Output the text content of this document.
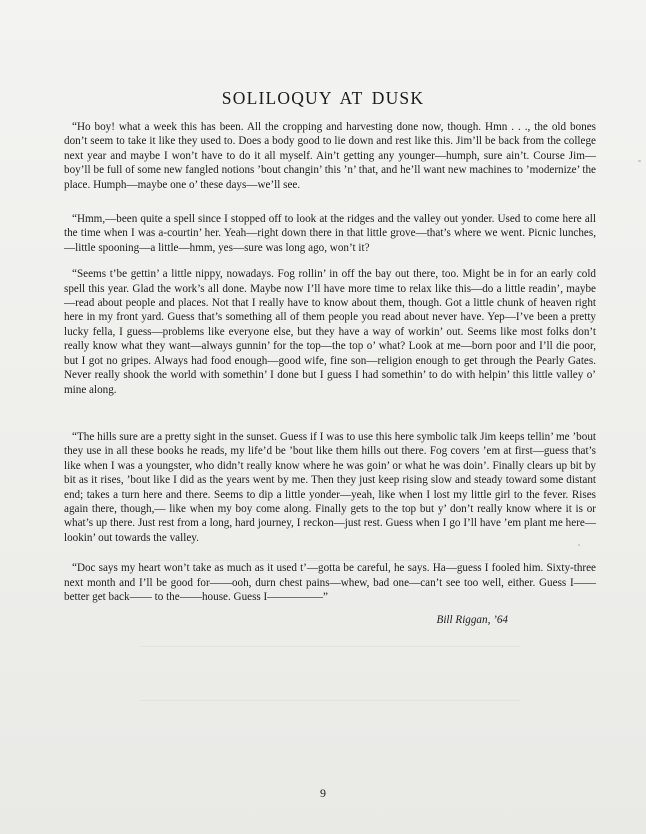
SOLILOQUY AT DUSK

“Ho boy! what a week this has been. All the cropping and harvesting done now, though. Hmn . . ., the old bones don’t seem to take it like they used to. Does a body good to lie down and rest like this. Jim’ll be back from the college next year and maybe I won’t have to do it all myself. Ain’t getting any younger—humph, sure ain’t. Course Jim—boy’ll be full of some new fangled notions ’bout changin’ this ’n’ that, and he’ll want new machines to ’modernize’ the place. Humph—maybe one o’ these days—we’ll see.

“Hmm,—been quite a spell since I stopped off to look at the ridges and the valley out yonder. Used to come here all the time when I was a-courtin’ her. Yeah—right down there in that little grove—that’s where we went. Picnic lunches, —little spooning—a little—hmm, yes—sure was long ago, won’t it?

“Seems t’be gettin’ a little nippy, nowadays. Fog rollin’ in off the bay out there, too. Might be in for an early cold spell this year. Glad the work’s all done. Maybe now I’ll have more time to relax like this—do a little readin’, maybe—read about people and places. Not that I really have to know about them, though. Got a little chunk of heaven right here in my front yard. Guess that’s something all of them people you read about never have. Yep—I’ve been a pretty lucky fella, I guess—problems like everyone else, but they have a way of workin’ out. Seems like most folks don’t really know what they want—always gunnin’ for the top—the top o’ what? Look at me—born poor and I’ll die poor, but I got no gripes. Always had food enough—good wife, fine son—religion enough to get through the Pearly Gates. Never really shook the world with somethin’ I done but I guess I had somethin’ to do with helpin’ this little valley o’ mine along.

“The hills sure are a pretty sight in the sunset. Guess if I was to use this here symbolic talk Jim keeps tellin’ me ’bout they use in all these books he reads, my life’d be ’bout like them hills out there. Fog covers ’em at first—guess that’s like when I was a youngster, who didn’t really know where he was goin’ or what he was doin’. Finally clears up bit by bit as it rises, ’bout like I did as the years went by me. Then they just keep rising slow and steady toward some distant end; takes a turn here and there. Seems to dip a little yonder—yeah, like when I lost my little girl to the fever. Rises again there, though,— like when my boy come along. Finally gets to the top but y’ don’t really know where it is or what’s up there. Just rest from a long, hard journey, I reckon—just rest. Guess when I go I’ll have ’em plant me here—lookin’ out towards the valley.

“Doc says my heart won’t take as much as it used t’—gotta be careful, he says. Ha—guess I fooled him. Sixty-three next month and I’ll be good for——ooh, durn chest pains—whew, bad one—can’t see too well, either. Guess I——better get back—— to the——house. Guess I—————”

Bill Riggan, ’64

9
